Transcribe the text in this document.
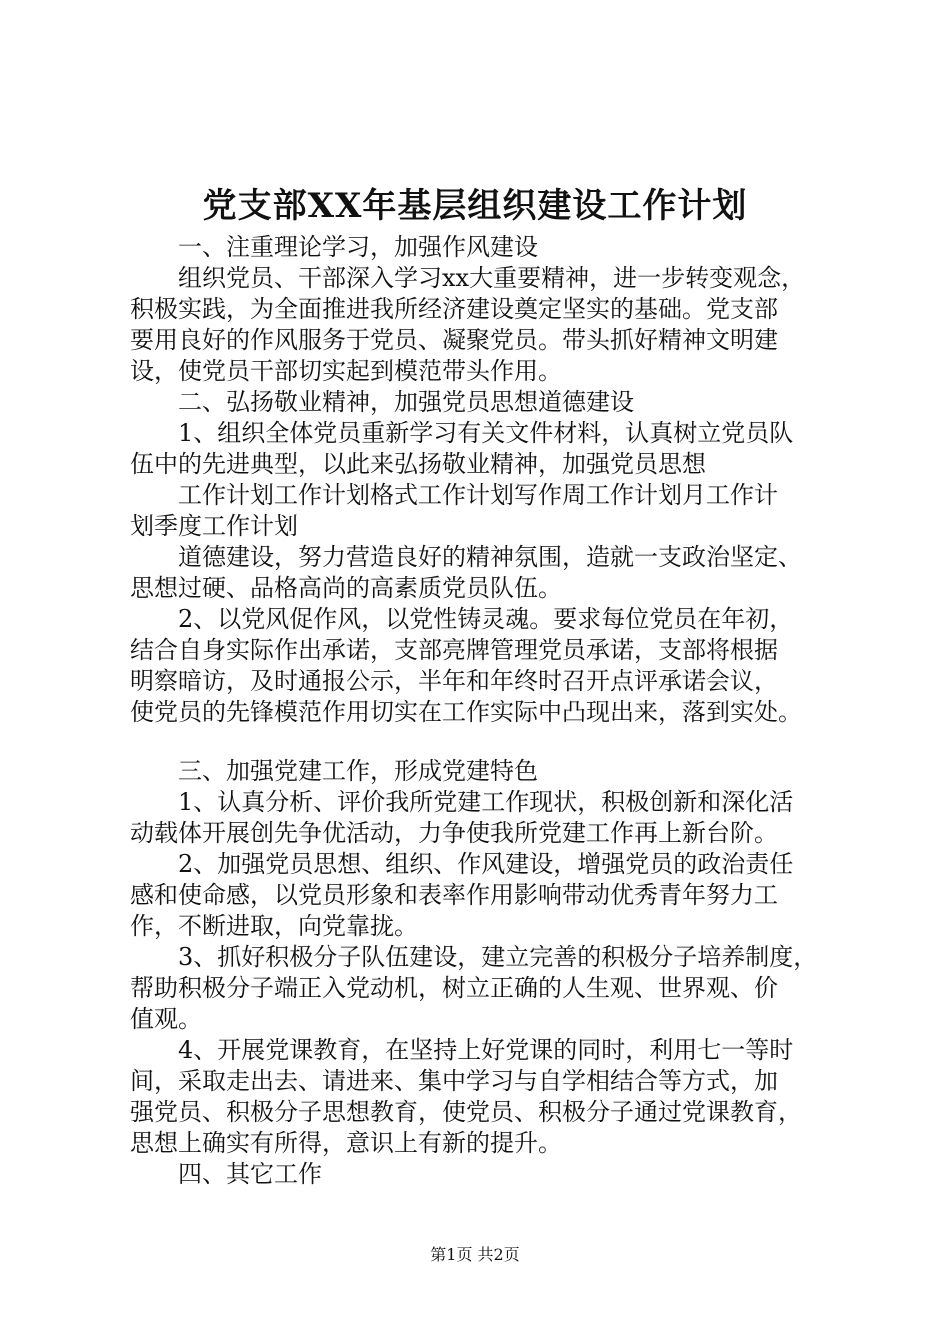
党支部XX年基层组织建设工作计划
　　一、注重理论学习，加强作风建设
　　组织党员、干部深入学习xx大重要精神，进一步转变观念，
积极实践，为全面推进我所经济建设奠定坚实的基础。党支部
要用良好的作风服务于党员、凝聚党员。带头抓好精神文明建
设，使党员干部切实起到模范带头作用。
　　二、弘扬敬业精神，加强党员思想道德建设
　　1、组织全体党员重新学习有关文件材料，认真树立党员队
伍中的先进典型，以此来弘扬敬业精神，加强党员思想
　　工作计划工作计划格式工作计划写作周工作计划月工作计
划季度工作计划
　　道德建设，努力营造良好的精神氛围，造就一支政治坚定、
思想过硬、品格高尚的高素质党员队伍。
　　2、以党风促作风，以党性铸灵魂。要求每位党员在年初，
结合自身实际作出承诺，支部亮牌管理党员承诺，支部将根据
明察暗访，及时通报公示，半年和年终时召开点评承诺会议，
使党员的先锋模范作用切实在工作实际中凸现出来，落到实处。
　　三、加强党建工作，形成党建特色
　　1、认真分析、评价我所党建工作现状，积极创新和深化活
动载体开展创先争优活动，力争使我所党建工作再上新台阶。
　　2、加强党员思想、组织、作风建设，增强党员的政治责任
感和使命感，以党员形象和表率作用影响带动优秀青年努力工
作，不断进取，向党靠拢。
　　3、抓好积极分子队伍建设，建立完善的积极分子培养制度，
帮助积极分子端正入党动机，树立正确的人生观、世界观、价
值观。
　　4、开展党课教育，在坚持上好党课的同时，利用七一等时
间，采取走出去、请进来、集中学习与自学相结合等方式，加
强党员、积极分子思想教育，使党员、积极分子通过党课教育，
思想上确实有所得，意识上有新的提升。
　　四、其它工作
第1页 共2页
